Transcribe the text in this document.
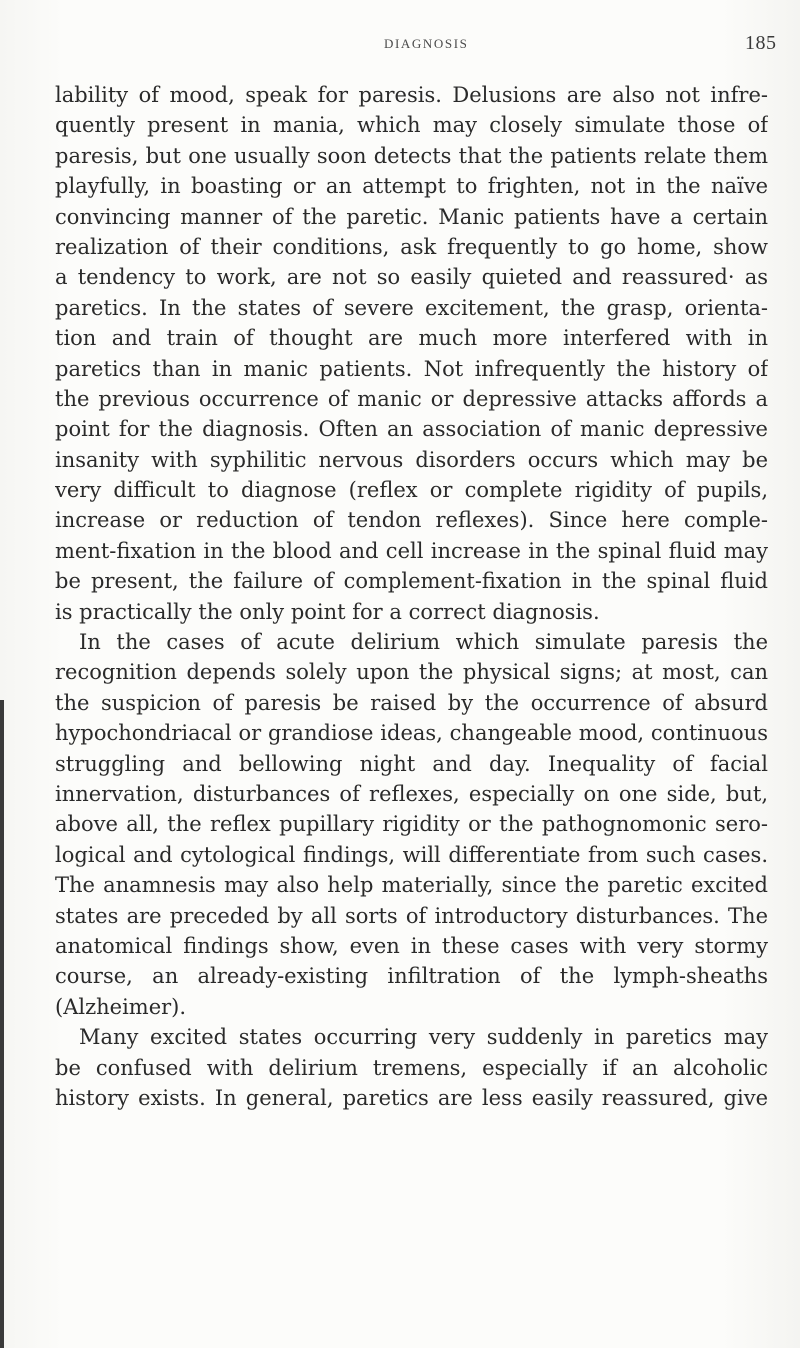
DIAGNOSIS	185
lability of mood, speak for paresis. Delusions are also not infre-
quently present in mania, which may closely simulate those of
paresis, but one usually soon detects that the patients relate them
playfully, in boasting or an attempt to frighten, not in the naïve
convincing manner of the paretic. Manic patients have a certain
realization of their conditions, ask frequently to go home, show
a tendency to work, are not so easily quieted and reassured· as
paretics. In the states of severe excitement, the grasp, orienta-
tion and train of thought are much more interfered with in
paretics than in manic patients. Not infrequently the history of
the previous occurrence of manic or depressive attacks affords a
point for the diagnosis. Often an association of manic depressive
insanity with syphilitic nervous disorders occurs which may be
very difficult to diagnose (reflex or complete rigidity of pupils,
increase or reduction of tendon reflexes). Since here comple-
ment-fixation in the blood and cell increase in the spinal fluid may
be present, the failure of complement-fixation in the spinal fluid
is practically the only point for a correct diagnosis.
In the cases of acute delirium which simulate paresis the
recognition depends solely upon the physical signs; at most, can
the suspicion of paresis be raised by the occurrence of absurd
hypochondriacal or grandiose ideas, changeable mood, continuous
struggling and bellowing night and day. Inequality of facial
innervation, disturbances of reflexes, especially on one side, but,
above all, the reflex pupillary rigidity or the pathognomonic sero-
logical and cytological findings, will differentiate from such cases.
The anamnesis may also help materially, since the paretic excited
states are preceded by all sorts of introductory disturbances. The
anatomical findings show, even in these cases with very stormy
course, an already-existing infiltration of the lymph-sheaths
(Alzheimer).
Many excited states occurring very suddenly in paretics may
be confused with delirium tremens, especially if an alcoholic
history exists. In general, paretics are less easily reassured, give
